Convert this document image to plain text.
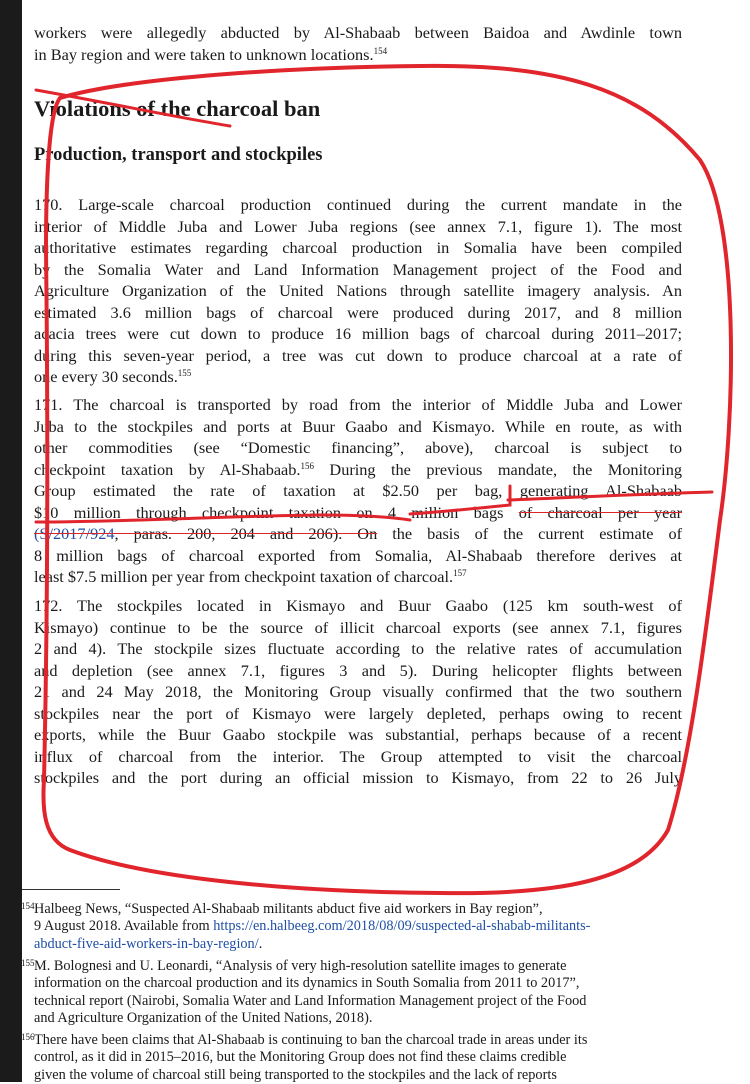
workers were allegedly abducted by Al-Shabaab between Baidoa and Awdinle town
in Bay region and were taken to unknown locations.$^{154}$
Violations of the charcoal ban
Production, transport and stockpiles
170. Large-scale charcoal production continued during the current mandate in the
interior of Middle Juba and Lower Juba regions (see annex 7.1, figure 1). The most
authoritative estimates regarding charcoal production in Somalia have been compiled
by the Somalia Water and Land Information Management project of the Food and
Agriculture Organization of the United Nations through satellite imagery analysis. An
estimated 3.6 million bags of charcoal were produced during 2017, and 8 million
acacia trees were cut down to produce 16 million bags of charcoal during 2011–2017;
during this seven-year period, a tree was cut down to produce charcoal at a rate of
one every 30 seconds.$^{155}$
171. The charcoal is transported by road from the interior of Middle Juba and Lower
Juba to the stockpiles and ports at Buur Gaabo and Kismayo. While en route, as with
other commodities (see “Domestic financing”, above), charcoal is subject to
checkpoint taxation by Al-Shabaab.$^{156}$ During the previous mandate, the Monitoring
Group estimated the rate of taxation at $2.50 per bag, generating Al-Shabaab
$10 million through checkpoint taxation on 4 million bags of charcoal per year
(S/2017/924, paras. 200, 204 and 206). On the basis of the current estimate of
8 million bags of charcoal exported from Somalia, Al-Shabaab therefore derives at
least $7.5 million per year from checkpoint taxation of charcoal.$^{157}$
172. The stockpiles located in Kismayo and Buur Gaabo (125 km south-west of
Kismayo) continue to be the source of illicit charcoal exports (see annex 7.1, figures
2 and 4). The stockpile sizes fluctuate according to the relative rates of accumulation
and depletion (see annex 7.1, figures 3 and 5). During helicopter flights between
21 and 24 May 2018, the Monitoring Group visually confirmed that the two southern
stockpiles near the port of Kismayo were largely depleted, perhaps owing to recent
exports, while the Buur Gaabo stockpile was substantial, perhaps because of a recent
influx of charcoal from the interior. The Group attempted to visit the charcoal
stockpiles and the port during an official mission to Kismayo, from 22 to 26 July
154 Halbeeg News, “Suspected Al-Shabaab militants abduct five aid workers in Bay region”,
9 August 2018. Available from https://en.halbeeg.com/2018/08/09/suspected-al-shabab-militants-
abduct-five-aid-workers-in-bay-region/.
155 M. Bolognesi and U. Leonardi, “Analysis of very high-resolution satellite images to generate
information on the charcoal production and its dynamics in South Somalia from 2011 to 2017”,
technical report (Nairobi, Somalia Water and Land Information Management project of the Food
and Agriculture Organization of the United Nations, 2018).
156 There have been claims that Al-Shabaab is continuing to ban the charcoal trade in areas under its
control, as it did in 2015–2016, but the Monitoring Group does not find these claims credible
given the volume of charcoal still being transported to the stockpiles and the lack of reports
